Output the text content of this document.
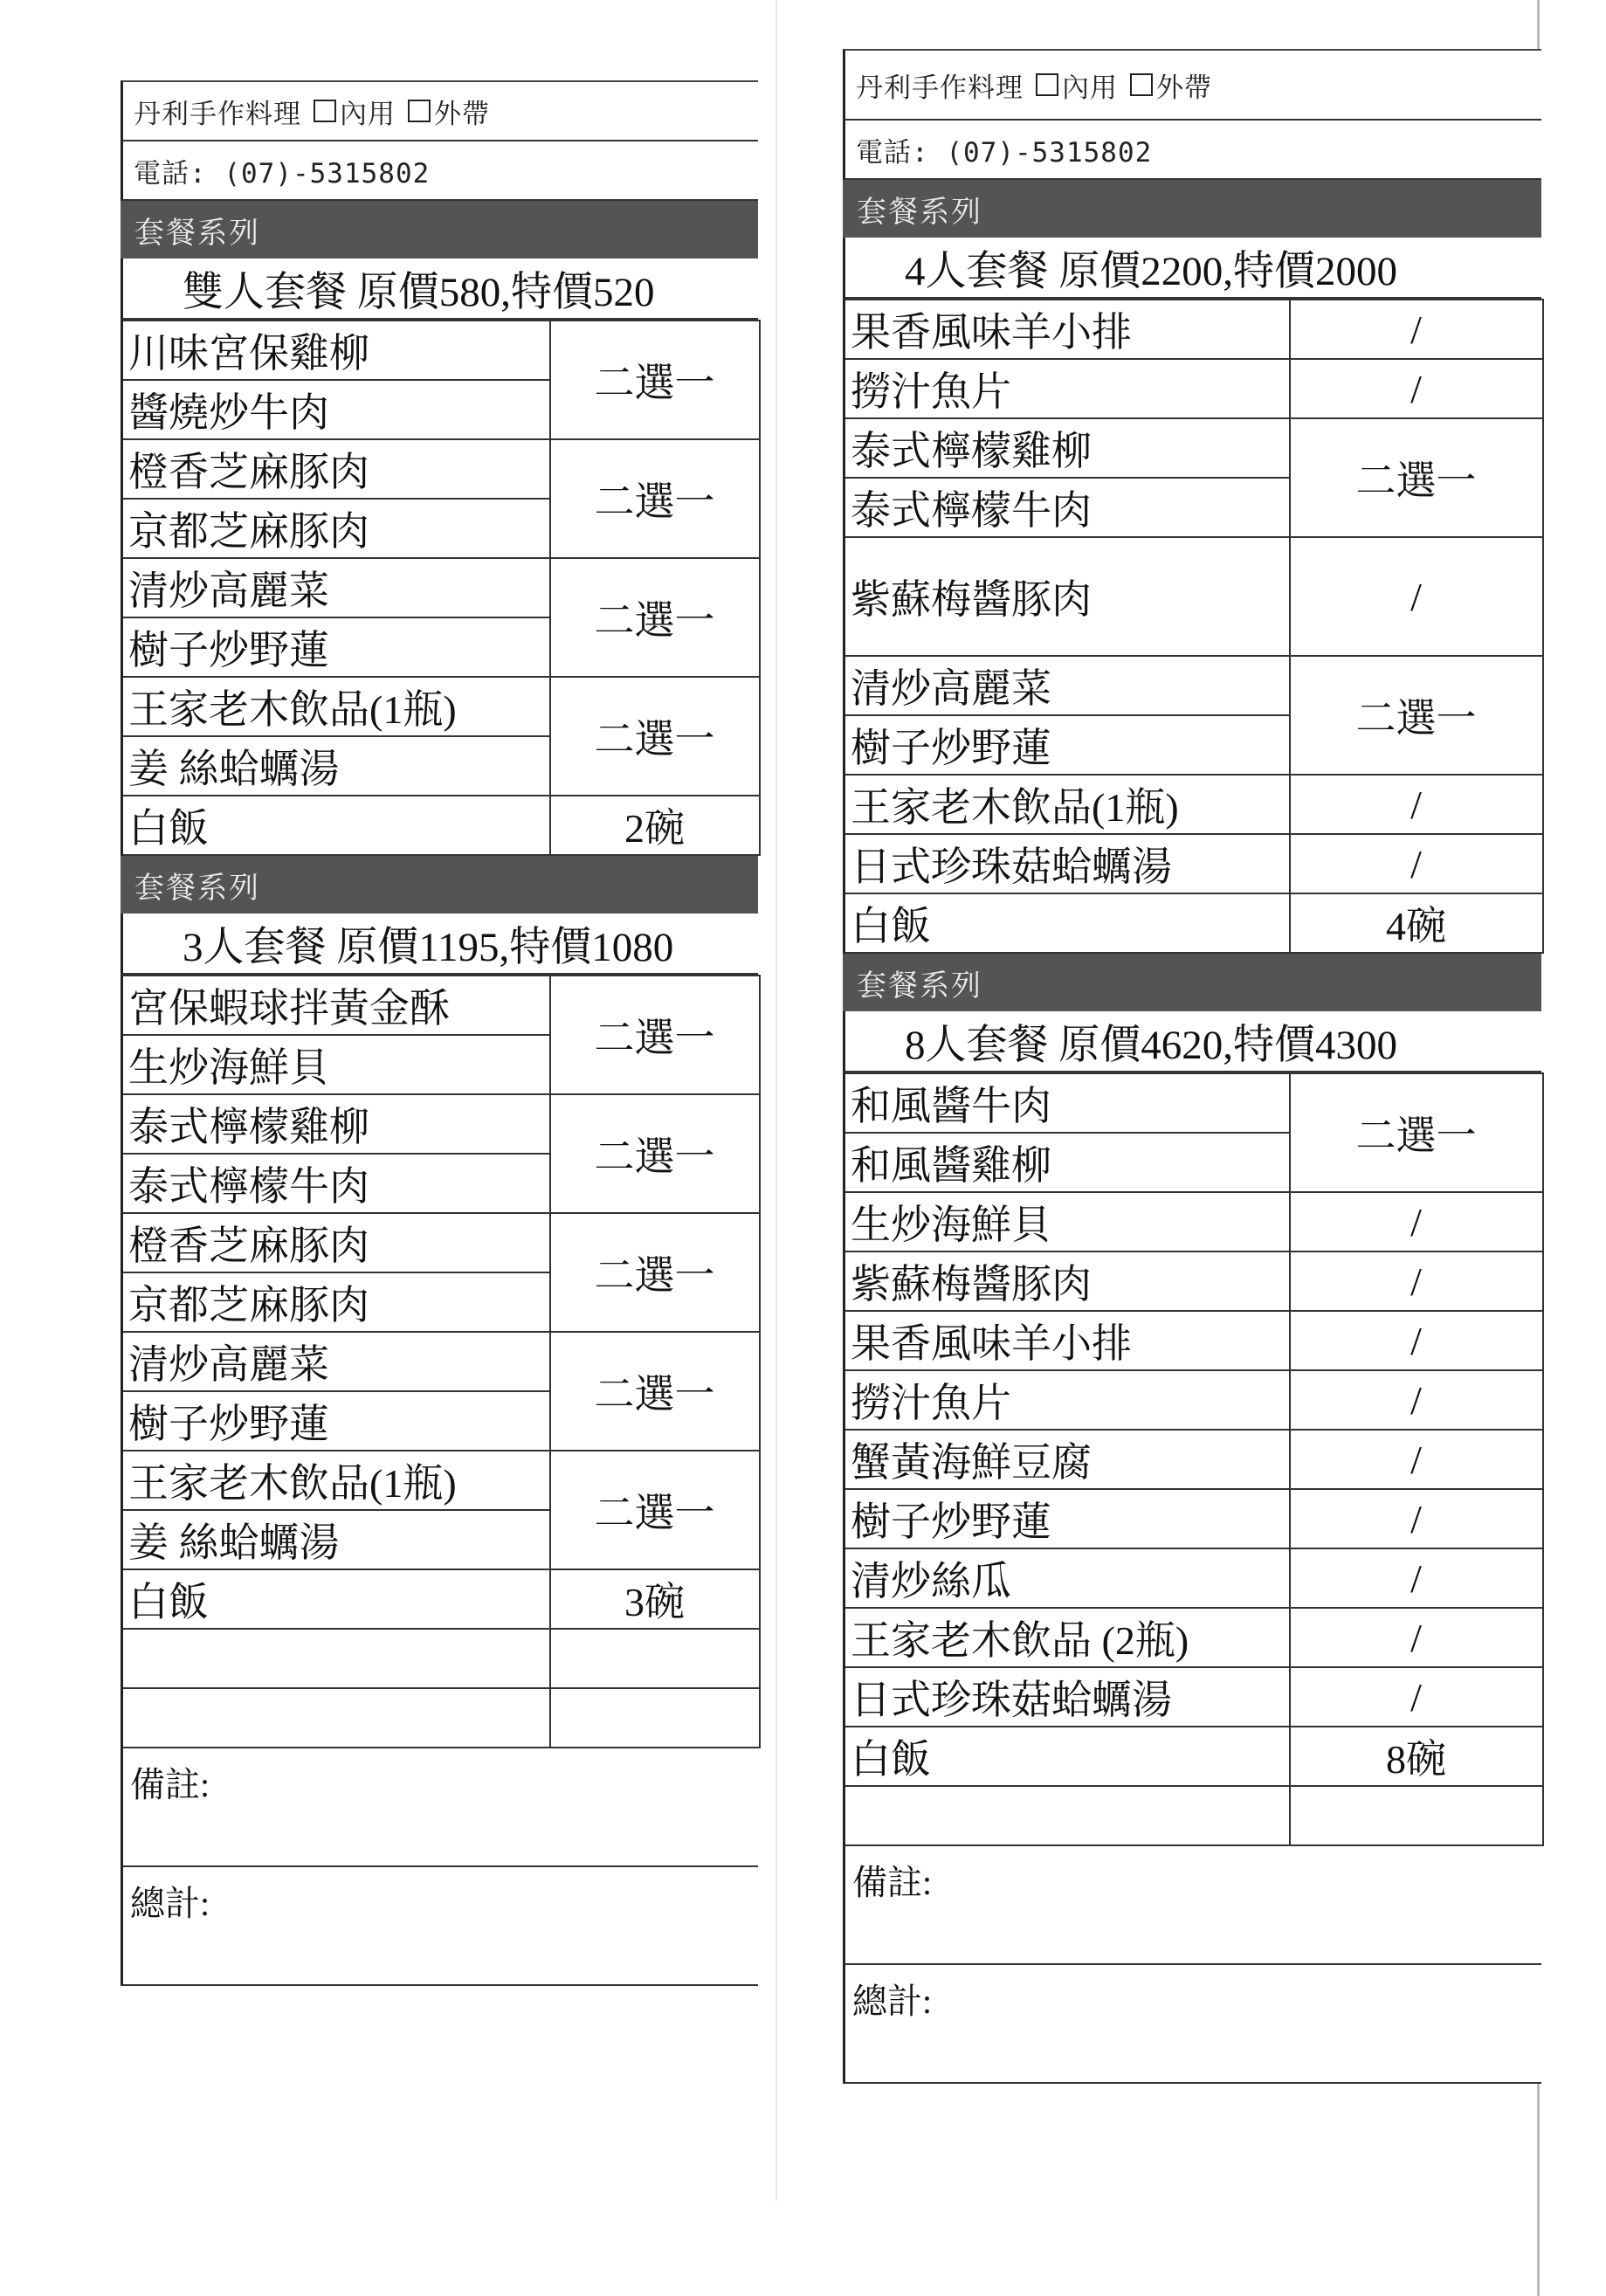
丹利手作料理 內用 外帶
電話: (07)-5315802
套餐系列
雙人套餐 原價580,特價520
川味宮保雞柳	二選一
醬燒炒牛肉	
橙香芝麻豚肉	二選一
京都芝麻豚肉	
清炒高麗菜	二選一
樹子炒野蓮	
王家老木飲品(1瓶)	二選一
姜 絲蛤蠣湯	
白飯	2碗
套餐系列
3人套餐 原價1195,特價1080
宮保蝦球拌黃金酥	二選一
生炒海鮮貝	
泰式檸檬雞柳	二選一
泰式檸檬牛肉	
橙香芝麻豚肉	二選一
京都芝麻豚肉	
清炒高麗菜	二選一
樹子炒野蓮	
王家老木飲品(1瓶)	二選一
姜 絲蛤蠣湯	
白飯	3碗

備註:
總計:
丹利手作料理 內用 外帶
電話: (07)-5315802
套餐系列
4人套餐 原價2200,特價2000
果香風味羊小排	/
撈汁魚片	/
泰式檸檬雞柳	二選一
泰式檸檬牛肉	
紫蘇梅醬豚肉	/
清炒高麗菜	二選一
樹子炒野蓮	
王家老木飲品(1瓶)	/
日式珍珠菇蛤蠣湯	/
白飯	4碗
套餐系列
8人套餐 原價4620,特價4300
和風醬牛肉	二選一
和風醬雞柳	
生炒海鮮貝	/
紫蘇梅醬豚肉	/
果香風味羊小排	/
撈汁魚片	/
蟹黃海鮮豆腐	/
樹子炒野蓮	/
清炒絲瓜	/
王家老木飲品 (2瓶)	/
日式珍珠菇蛤蠣湯	/
白飯	8碗

備註:
總計:
